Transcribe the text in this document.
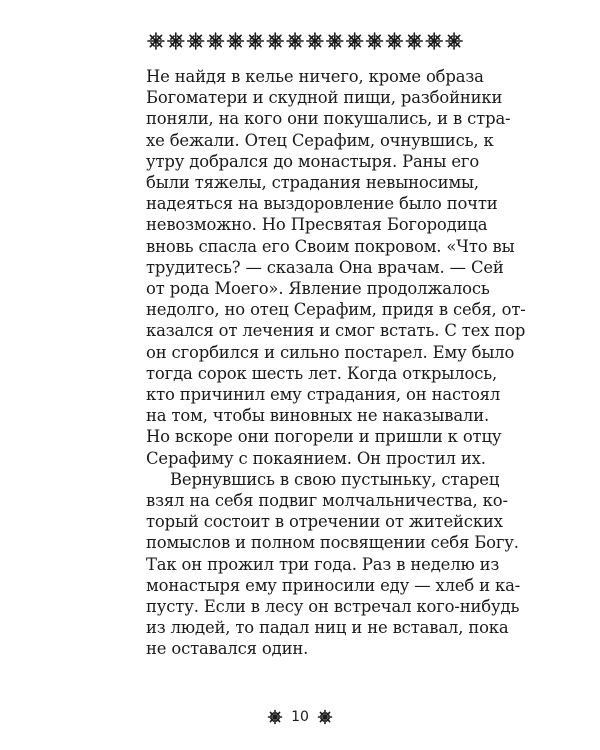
Не найдя в келье ничего, кроме образа
Богоматери и скудной пищи, разбойники
поняли, на кого они покушались, и в стра-
хе бежали. Отец Серафим, очнувшись, к
утру добрался до монастыря. Раны его
были тяжелы, страдания невыносимы,
надеяться на выздоровление было почти
невозможно. Но Пресвятая Богородица
вновь спасла его Своим покровом. «Что вы
трудитесь? — сказала Она врачам. — Сей
от рода Моего». Явление продолжалось
недолго, но отец Серафим, придя в себя, от-
казался от лечения и смог встать. С тех пор
он сгорбился и сильно постарел. Ему было
тогда сорок шесть лет. Когда открылось,
кто причинил ему страдания, он настоял
на том, чтобы виновных не наказывали.
Но вскоре они погорели и пришли к отцу
Серафиму с покаянием. Он простил их.
Вернувшись в свою пустыньку, старец
взял на себя подвиг молчальничества, ко-
торый состоит в отречении от житейских
помыслов и полном посвящении себя Богу.
Так он прожил три года. Раз в неделю из
монастыря ему приносили еду — хлеб и ка-
пусту. Если в лесу он встречал кого-нибудь
из людей, то падал ниц и не вставал, пока
не оставался один.
10
